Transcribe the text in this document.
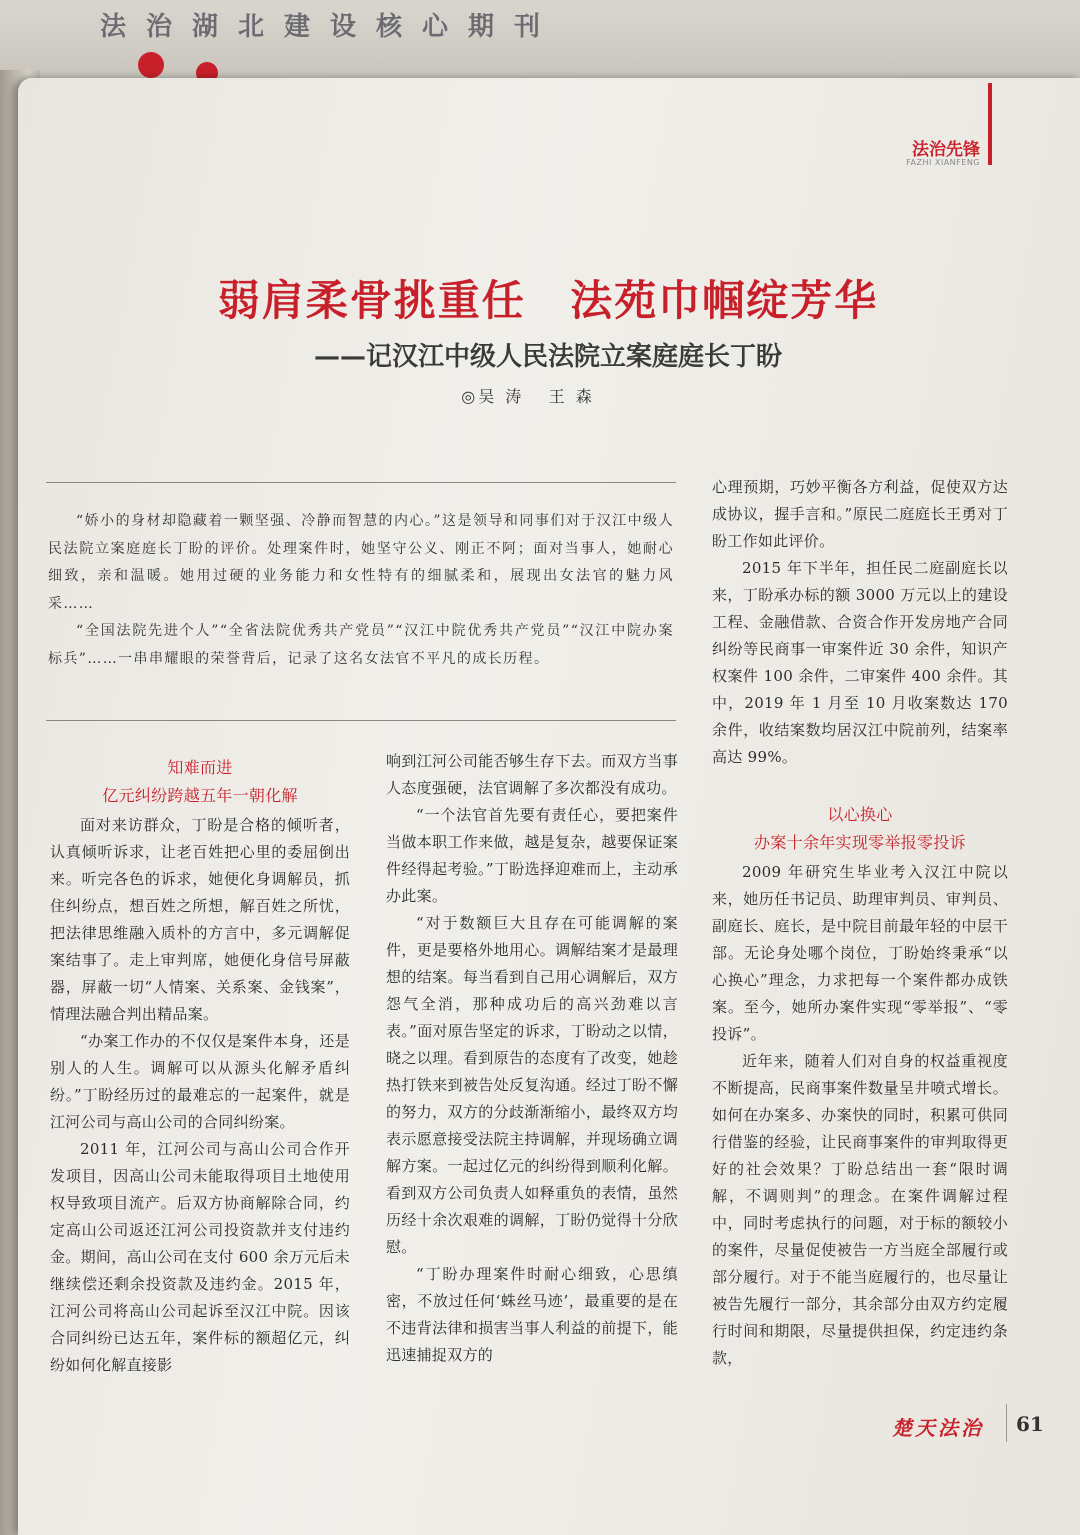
法治湖北建设核心期刊
法治先锋
FAZHI XIANFENG
弱肩柔骨挑重任 法苑巾帼绽芳华
——记汉江中级人民法院立案庭庭长丁盼
◎吴 涛   王 森

“娇小的身材却隐藏着一颗坚强、冷静而智慧的内心。”这是领导和同事们对于汉江中级人民法院立案庭庭长丁盼的评价。处理案件时，她坚守公义、刚正不阿；面对当事人，她耐心细致，亲和温暖。她用过硬的业务能力和女性特有的细腻柔和，展现出女法官的魅力风采……

“全国法院先进个人”“全省法院优秀共产党员”“汉江中院优秀共产党员”“汉江中院办案标兵”……一串串耀眼的荣誉背后，记录了这名女法官不平凡的成长历程。

知难而进
亿元纠纷跨越五年一朝化解

面对来访群众，丁盼是合格的倾听者，认真倾听诉求，让老百姓把心里的委屈倒出来。听完各色的诉求，她便化身调解员，抓住纠纷点，想百姓之所想，解百姓之所忧，把法律思维融入质朴的方言中，多元调解促案结事了。走上审判席，她便化身信号屏蔽器，屏蔽一切“人情案、关系案、金钱案”，情理法融合判出精品案。

“办案工作办的不仅仅是案件本身，还是别人的人生。调解可以从源头化解矛盾纠纷。”丁盼经历过的最难忘的一起案件，就是江河公司与高山公司的合同纠纷案。

2011 年，江河公司与高山公司合作开发项目，因高山公司未能取得项目土地使用权导致项目流产。后双方协商解除合同，约定高山公司返还江河公司投资款并支付违约金。期间，高山公司在支付 600 余万元后未继续偿还剩余投资款及违约金。2015 年，江河公司将高山公司起诉至汉江中院。因该合同纠纷已达五年，案件标的额超亿元，纠纷如何化解直接影

响到江河公司能否够生存下去。而双方当事人态度强硬，法官调解了多次都没有成功。

“一个法官首先要有责任心，要把案件当做本职工作来做，越是复杂，越要保证案件经得起考验。”丁盼选择迎难而上，主动承办此案。

“对于数额巨大且存在可能调解的案件，更是要格外地用心。调解结案才是最理想的结案。每当看到自己用心调解后，双方怨气全消，那种成功后的高兴劲难以言表。”面对原告坚定的诉求，丁盼动之以情，晓之以理。看到原告的态度有了改变，她趁热打铁来到被告处反复沟通。经过丁盼不懈的努力，双方的分歧渐渐缩小，最终双方均表示愿意接受法院主持调解，并现场确立调解方案。一起过亿元的纠纷得到顺利化解。看到双方公司负责人如释重负的表情，虽然历经十余次艰难的调解，丁盼仍觉得十分欣慰。

“丁盼办理案件时耐心细致，心思缜密，不放过任何‘蛛丝马迹’，最重要的是在不违背法律和损害当事人利益的前提下，能迅速捕捉双方的

心理预期，巧妙平衡各方利益，促使双方达成协议，握手言和。”原民二庭庭长王勇对丁盼工作如此评价。

2015 年下半年，担任民二庭副庭长以来，丁盼承办标的额 3000 万元以上的建设工程、金融借款、合资合作开发房地产合同纠纷等民商事一审案件近 30 余件，知识产权案件 100 余件，二审案件 400 余件。其中，2019 年 1 月至 10 月收案数达 170 余件，收结案数均居汉江中院前列，结案率高达 99%。

以心换心
办案十余年实现零举报零投诉

2009 年研究生毕业考入汉江中院以来，她历任书记员、助理审判员、审判员、副庭长、庭长，是中院目前最年轻的中层干部。无论身处哪个岗位，丁盼始终秉承“以心换心”理念，力求把每一个案件都办成铁案。至今，她所办案件实现“零举报”、“零投诉”。

近年来，随着人们对自身的权益重视度不断提高，民商事案件数量呈井喷式增长。如何在办案多、办案快的同时，积累可供同行借鉴的经验，让民商事案件的审判取得更好的社会效果？丁盼总结出一套“限时调解，不调则判”的理念。在案件调解过程中，同时考虑执行的问题，对于标的额较小的案件，尽量促使被告一方当庭全部履行或部分履行。对于不能当庭履行的，也尽量让被告先履行一部分，其余部分由双方约定履行时间和期限，尽量提供担保，约定违约条款，

楚天法治	61
